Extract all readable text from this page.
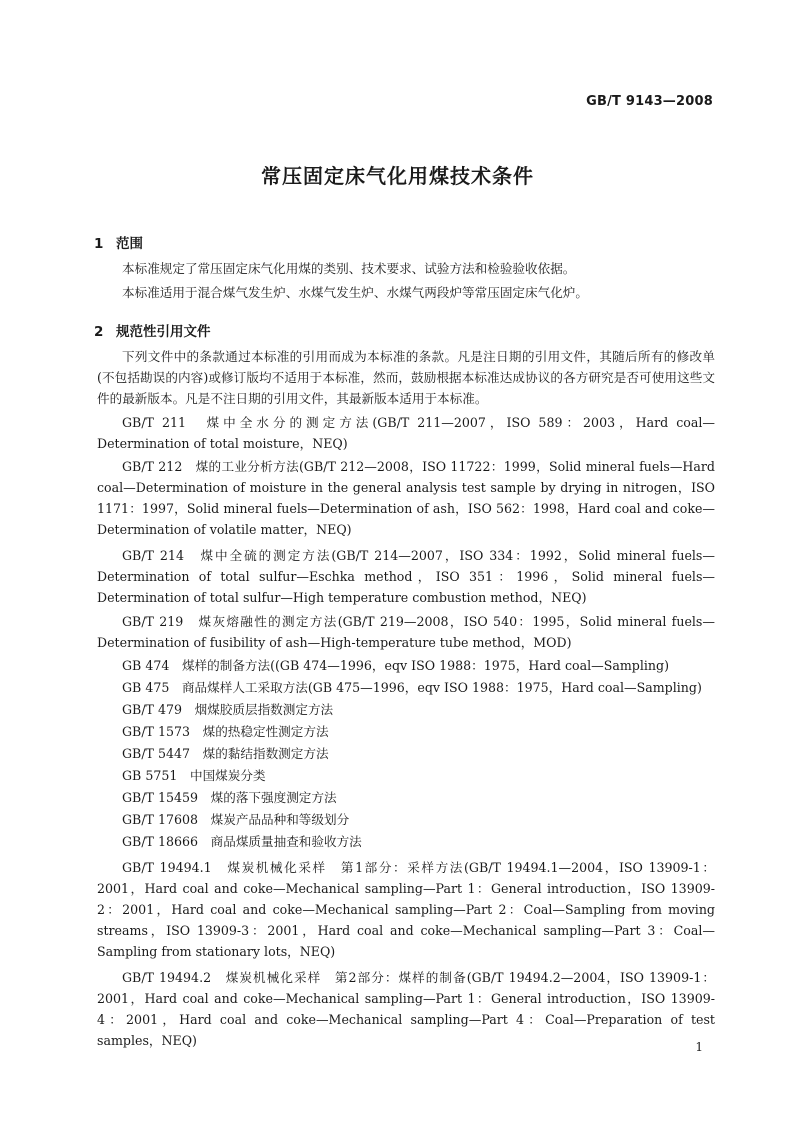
GB/T 9143—2008
常压固定床气化用煤技术条件
1 范围

本标准规定了常压固定床气化用煤的类别、技术要求、试验方法和检验验收依据。

本标准适用于混合煤气发生炉、水煤气发生炉、水煤气两段炉等常压固定床气化炉。

2 规范性引用文件

下列文件中的条款通过本标准的引用而成为本标准的条款。凡是注日期的引用文件，其随后所有的修改单(不包括勘误的内容)或修订版均不适用于本标准，然而，鼓励根据本标准达成协议的各方研究是否可使用这些文件的最新版本。凡是不注日期的引用文件，其最新版本适用于本标准。

GB/T 211　煤中全水分的测定方法(GB/T 211—2007，ISO 589：2003，Hard coal—Determination of total moisture，NEQ)

GB/T 212　煤的工业分析方法(GB/T 212—2008，ISO 11722：1999，Solid mineral fuels—Hard coal—Determination of moisture in the general analysis test sample by drying in nitrogen，ISO 1171：1997，Solid mineral fuels—Determination of ash，ISO 562：1998，Hard coal and coke—Determination of volatile matter，NEQ)

GB/T 214　煤中全硫的测定方法(GB/T 214—2007，ISO 334：1992，Solid mineral fuels—Determination of total sulfur—Eschka method，ISO 351：1996，Solid mineral fuels—Determination of total sulfur—High temperature combustion method，NEQ)

GB/T 219　煤灰熔融性的测定方法(GB/T 219—2008，ISO 540：1995，Solid mineral fuels—Determination of fusibility of ash—High-temperature tube method，MOD)

GB 474　 煤样的制备方法((GB 474—1996，eqv ISO 1988：1975，Hard coal—Sampling)
GB 475　 商品煤样人工采取方法(GB 475—1996，eqv ISO 1988：1975，Hard coal—Sampling)
GB/T 479　 烟煤胶质层指数测定方法
GB/T 1573　 煤的热稳定性测定方法
GB/T 5447　 煤的黏结指数测定方法
GB 5751　 中国煤炭分类
GB/T 15459　 煤的落下强度测定方法
GB/T 17608　 煤炭产品品种和等级划分
GB/T 18666　 商品煤质量抽查和验收方法

GB/T 19494.1　煤炭机械化采样　第1部分：采样方法(GB/T 19494.1—2004，ISO 13909-1：2001，Hard coal and coke—Mechanical sampling—Part 1：General introduction，ISO 13909-2：2001，Hard coal and coke—Mechanical sampling—Part 2：Coal—Sampling from moving streams，ISO 13909-3：2001，Hard coal and coke—Mechanical sampling—Part 3：Coal—Sampling from stationary lots，NEQ)

GB/T 19494.2　煤炭机械化采样　第2部分：煤样的制备(GB/T 19494.2—2004，ISO 13909-1：2001，Hard coal and coke—Mechanical sampling—Part 1：General introduction，ISO 13909-4：2001，Hard coal and coke—Mechanical sampling—Part 4：Coal—Preparation of test samples，NEQ)	1
